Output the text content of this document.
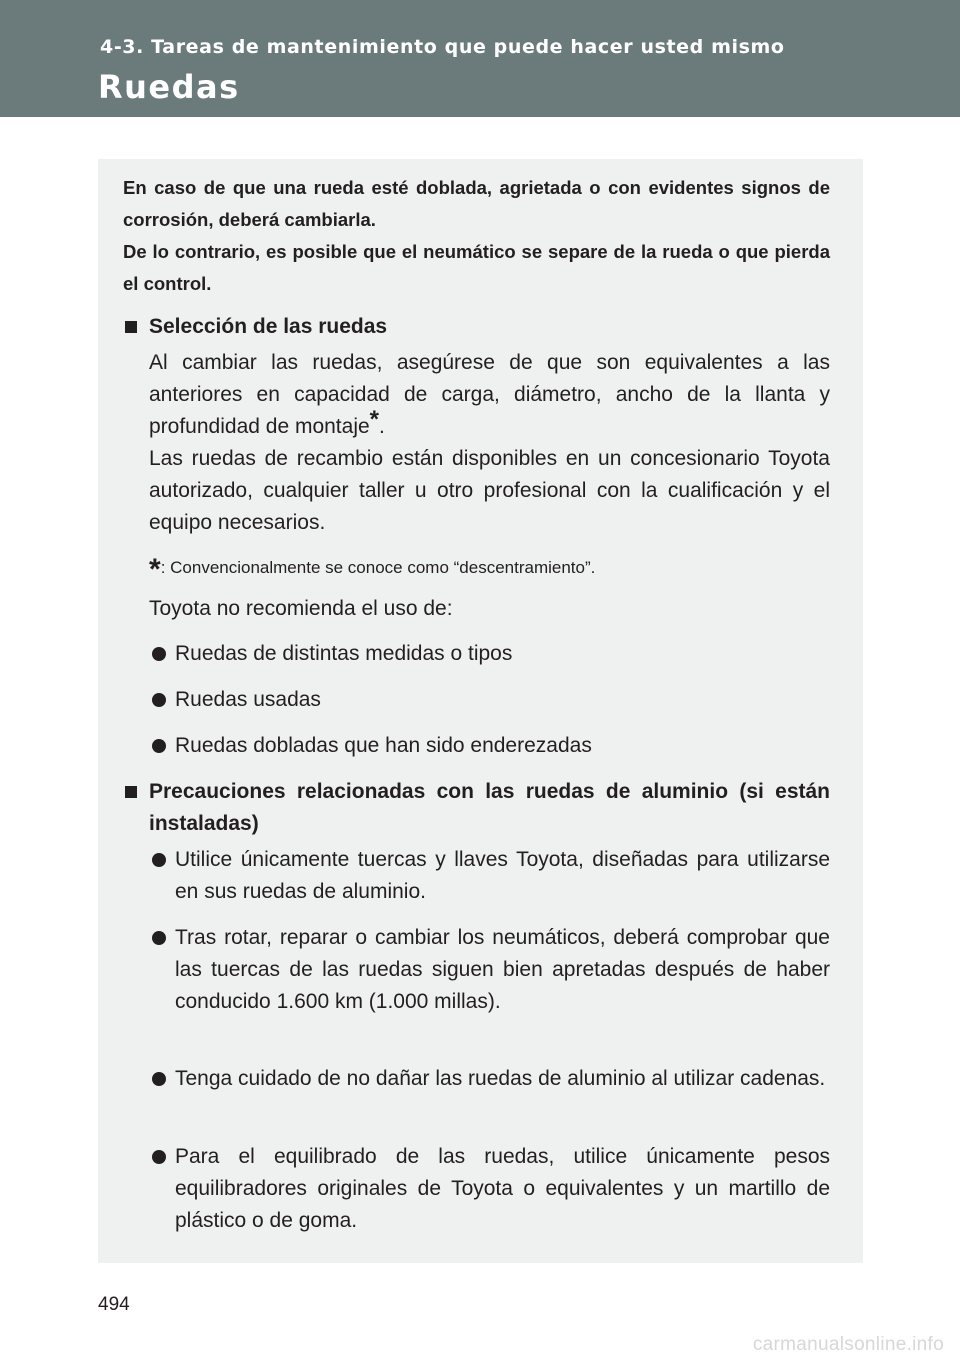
4-3. Tareas de mantenimiento que puede hacer usted mismo
Ruedas

En caso de que una rueda esté doblada, agrietada o con evidentes signos de corrosión, deberá cambiarla.

De lo contrario, es posible que el neumático se separe de la rueda o que pierda el control.

Selección de las ruedas
Al cambiar las ruedas, asegúrese de que son equivalentes a las anteriores en capacidad de carga, diámetro, ancho de la llanta y profundidad de montaje*.
Las ruedas de recambio están disponibles en un concesionario Toyota autorizado, cualquier taller u otro profesional con la cualificación y el equipo necesarios.
*: Convencionalmente se conoce como “descentramiento”.
Toyota no recomienda el uso de:
Ruedas de distintas medidas o tipos
Ruedas usadas
Ruedas dobladas que han sido enderezadas
Precauciones relacionadas con las ruedas de aluminio (si están instaladas)
Utilice únicamente tuercas y llaves Toyota, diseñadas para utilizarse en sus ruedas de aluminio.
Tras rotar, reparar o cambiar los neumáticos, deberá comprobar que las tuercas de las ruedas siguen bien apretadas después de haber conducido 1.600 km (1.000 millas).
Tenga cuidado de no dañar las ruedas de aluminio al utilizar cadenas.
Para el equilibrado de las ruedas, utilice únicamente pesos equilibradores originales de Toyota o equivalentes y un martillo de plástico o de goma.
494
carmanualsonline.info
